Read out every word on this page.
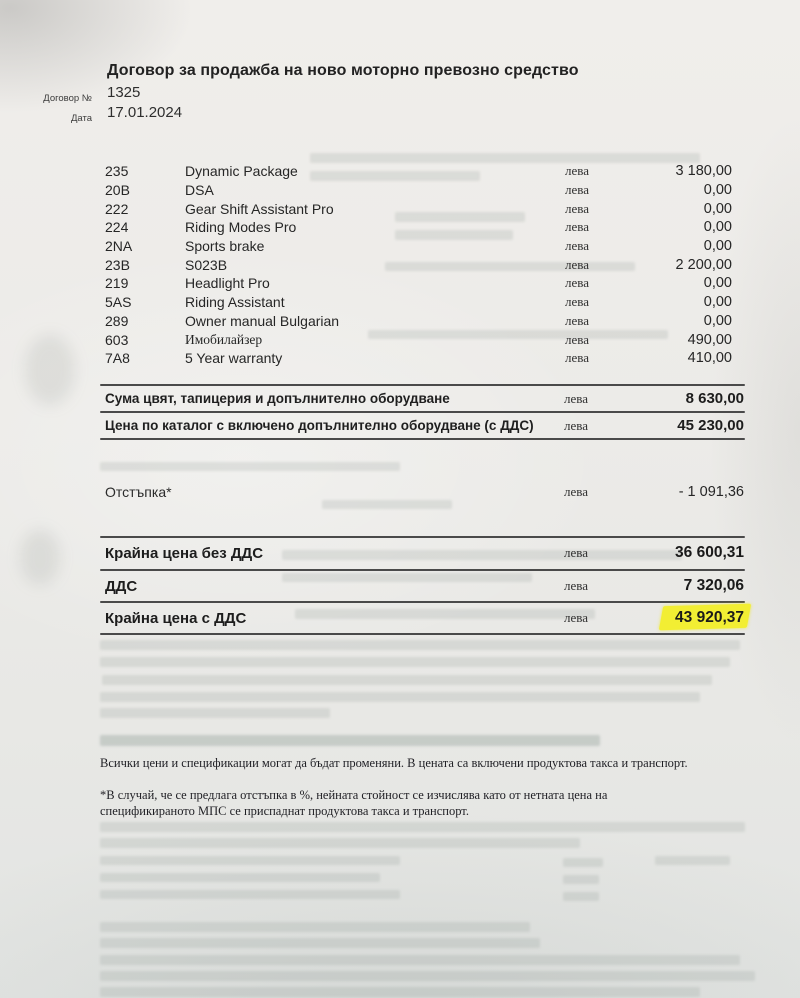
Договор за продажба на ново моторно превозно средство
Договор № 1325
Дата 17.01.2024
235	Dynamic Package	лева	3 180,00
20B	DSA	лева	0,00
222	Gear Shift Assistant Pro	лева	0,00
224	Riding Modes Pro	лева	0,00
2NA	Sports brake	лева	0,00
23B	S023B	лева	2 200,00
219	Headlight Pro	лева	0,00
5AS	Riding Assistant	лева	0,00
289	Owner manual Bulgarian	лева	0,00
603	Имобилайзер	лева	490,00
7A8	5 Year warranty	лева	410,00
Сума цвят, тапицерия и допълнително оборудване	лева	8 630,00
Цена по каталог с включено допълнително оборудване (с ДДС)	лева	45 230,00
Отстъпка*	лева	- 1 091,36
Крайна цена без ДДС	лева	36 600,31
ДДС	лева	7 320,06
Крайна цена с ДДС	лева	43 920,37
Всички цени и спецификации могат да бъдат променяни. В цената са включени продуктова такса и транспорт.
*В случай, че се предлага отстъпка в %, нейната стойност се изчислява като от нетната цена на спецификираното МПС се приспаднат продуктова такса и транспорт.
